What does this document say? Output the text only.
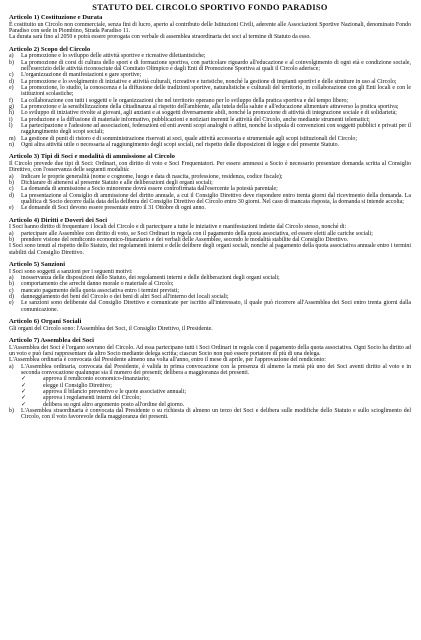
STATUTO DEL CIRCOLO SPORTIVO FONDO PARADISO
Articolo 1) Costituzione e Durata

È costituito un Circolo non commerciale, senza fini di lucro, aperto al contributo delle Istituzioni Civili, aderente alle Associazioni Sportive Nazionali, denominato Fondo Paradiso con sede in Piombino, Strada Paradiso 11.

La durata sarà fino al 2050 e potrà essere prorogata con verbale di assemblea straordinaria dei soci al termine di Statuto da esso.

Articolo 2) Scopo del Circolo
a)	La promozione e lo sviluppo delle attività sportive e ricreative dilettantistiche;
b)	La promozione di corsi di cultura dello sport e di formazione sportiva, con particolare riguardo all'educazione e al coinvolgimento di ogni età e condizione sociale, nell'esercizio delle attività riconosciute dal Comitato Olimpico e dagli Enti di Promozione Sportiva ai quali il Circolo aderisce;
c)	L'organizzazione di manifestazioni e gare sportive;
d)	La promozione e lo svolgimento di iniziative e attività culturali, ricreative e turistiche, nonché la gestione di impianti sportivi e delle strutture in uso al Circolo;
e)	La promozione, lo studio, la conoscenza e la diffusione delle tradizioni sportive, naturalistiche e culturali del territorio, in collaborazione con gli Enti locali e con le istituzioni scolastiche;
f)	La collaborazione con tutti i soggetti e le organizzazioni che nel territorio operano per lo sviluppo della pratica sportiva e del tempo libero;
g)	La promozione e la sensibilizzazione della cittadinanza al rispetto dell'ambiente, alla tutela della salute e all'educazione alimentare attraverso la pratica sportiva;
h)	Lo sviluppo di iniziative rivolte ai giovani, agli anziani e ai soggetti diversamente abili, nonché la promozione di attività di integrazione sociale e di solidarietà;
i)	La produzione e la diffusione di materiale informativo, pubblicazioni e notiziari inerenti le attività del Circolo, anche mediante strumenti telematici;
l)	La partecipazione e l'adesione ad associazioni, federazioni ed enti aventi scopi analoghi o affini, nonché la stipula di convenzioni con soggetti pubblici e privati per il raggiungimento degli scopi sociali;
m) La gestione di punti di ristoro e di somministrazione riservati ai soci, quale attività accessoria e strumentale agli scopi istituzionali del Circolo;
n)	Ogni altra attività utile o necessaria al raggiungimento degli scopi sociali, nel rispetto delle disposizioni di legge e del presente Statuto.
Articolo 3) Tipi di Soci e modalità di ammissione al Circolo

Il Circolo prevede due tipi di Soci: Ordinari, con diritto di voto e Soci Frequentatori. Per essere ammessi a Socio è necessario presentare domanda scritta al Consiglio Direttivo, con l'osservanza delle seguenti modalità:

a)	Indicare le proprie generalità (nome e cognome, luogo e data di nascita, professione, residenza, codice fiscale);
b)	Dichiarare di attenersi al presente Statuto e alle deliberazioni degli organi sociali;
c)	La domanda di ammissione a Socio minorenne dovrà essere controfirmata dall'esercente la potestà parentale;
d)	La presentazione al Consiglio di ammissione del diritto annuale, a cui il Consiglio Direttivo deve rispondere entro trenta giorni dal ricevimento della domanda. La qualifica di Socio decorre dalla data della delibera del Consiglio Direttivo del Circolo entro 30 giorni. Nel caso di mancata risposta, la domanda si intende accolta;
e)	Le domande di Soci devono essere presentate entro il 31 Ottobre di ogni anno.
Articolo 4) Diritti e Doveri dei Soci

I Soci hanno diritto di frequentare i locali del Circolo e di partecipare a tutte le iniziative e manifestazioni indette dal Circolo stesso, nonché di:

a)	partecipare alle Assemblee con diritto di voto, se Soci Ordinari in regola con il pagamento della quota associativa, ed essere eletti alle cariche sociali;
b)	prendere visione del rendiconto economico-finanziario e dei verbali delle Assemblee, secondo le modalità stabilite dal Consiglio Direttivo.

I Soci sono tenuti al rispetto dello Statuto, dei regolamenti interni e delle delibere degli organi sociali, nonché al pagamento della quota associativa annuale entro i termini stabiliti dal Consiglio Direttivo.

Articolo 5) Sanzioni

I Soci sono soggetti a sanzioni per i seguenti motivi:

a)	inosservanza delle disposizioni dello Statuto, dei regolamenti interni e delle deliberazioni degli organi sociali;
b)	comportamento che arrechi danno morale o materiale al Circolo;
c)	mancato pagamento della quota associativa entro i termini previsti;
d)	danneggiamento dei beni del Circolo o dei beni di altri Soci all'interno dei locali sociali;
e)	Le sanzioni sono deliberate dal Consiglio Direttivo e comunicate per iscritto all'interessato, il quale può ricorrere all'Assemblea dei Soci entro trenta giorni dalla comunicazione.
Articolo 6) Organi Sociali

Gli organi del Circolo sono: l'Assemblea dei Soci, il Consiglio Direttivo, il Presidente.

Articolo 7) Assemblea dei Soci

L'Assemblea dei Soci è l'organo sovrano del Circolo. Ad essa partecipano tutti i Soci Ordinari in regola con il pagamento della quota associativa. Ogni Socio ha diritto ad un voto e può farsi rappresentare da altro Socio mediante delega scritta; ciascun Socio non può essere portatore di più di una delega.

L'Assemblea ordinaria è convocata dal Presidente almeno una volta all'anno, entro il mese di aprile, per l'approvazione del rendiconto:

a)	L'Assemblea ordinaria, convocata dal Presidente, è valida in prima convocazione con la presenza di almeno la metà più uno dei Soci aventi diritto al voto e in seconda convocazione qualunque sia il numero dei presenti; delibera a maggioranza dei presenti.
✓	approva il rendiconto economico-finanziario;
✓	elegge il Consiglio Direttivo;
✓	approva il bilancio preventivo e le quote associative annuali;
✓	approva i regolamenti interni del Circolo;
✓	delibera su ogni altro argomento posto all'ordine del giorno.
b)	L'Assemblea straordinaria è convocata dal Presidente o su richiesta di almeno un terzo dei Soci e delibera sulle modifiche dello Statuto e sullo scioglimento del Circolo, con il voto favorevole della maggioranza dei presenti.
